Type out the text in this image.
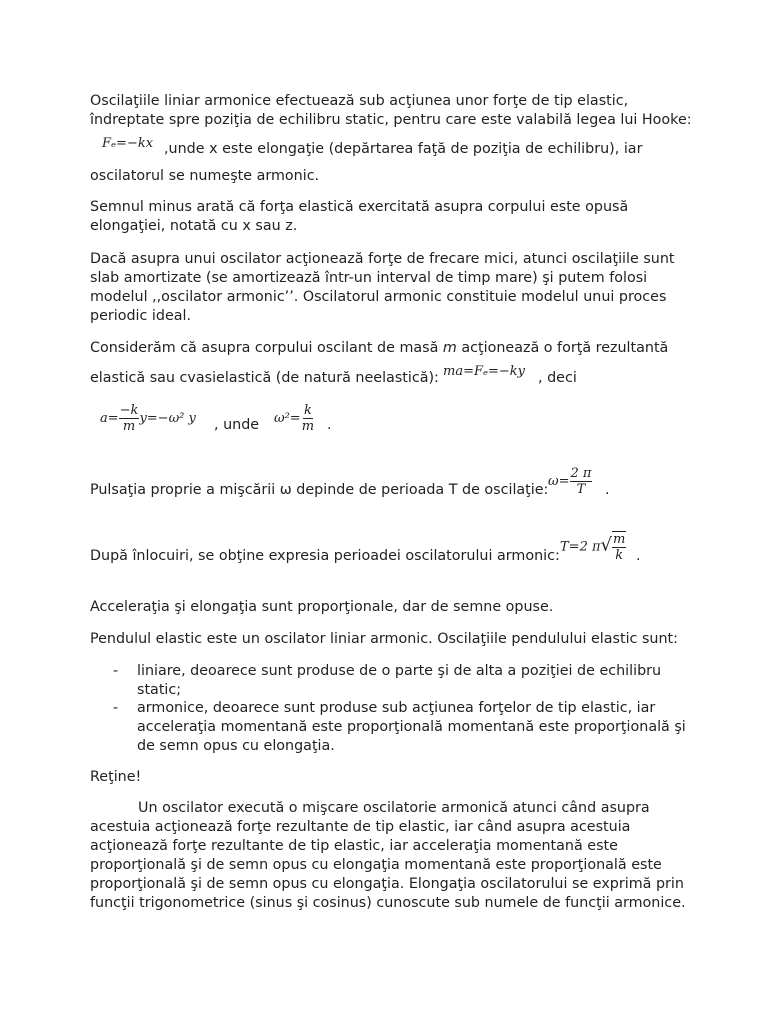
Oscilaţiile liniar armonice efectuează sub acţiunea unor forţe de tip elastic,
îndreptate spre poziţia de echilibru static, pentru care este valabilă legea lui Hooke:
Fₑ=−kx ,unde x este elongaţie (depărtarea faţă de poziţia de echilibru), iar
oscilatorul se numeşte armonic.
Semnul minus arată că forţa elastică exercitată asupra corpului este opusă
elongaţiei, notată cu x sau z.
Dacă asupra unui oscilator acţionează forţe de frecare mici, atunci oscilaţiile sunt
slab amortizate (se amortizează într-un interval de timp mare) şi putem folosi
modelul ,,oscilator armonic’’. Oscilatorul armonic constituie modelul unui proces
periodic ideal.
Considerăm că asupra corpului oscilant de masă m acţionează o forţă rezultantă
elastică sau cvasielastică (de natură neelastică): ma=Fₑ=−ky , deci
$a= \frac{-k}{m} y=-\omega^2$ y , unde $\omega^2= \frac{k}{m}$ .
Pulsaţia proprie a mişcării ω depinde de perioada T de oscilaţie:
$\omega= \frac{2 \pi}{T}$ .
După înlocuiri, se obţine expresia perioadei oscilatorului armonic:
T=2 $\pi√ \frac{m}{k}$ .
Acceleraţia şi elongaţia sunt proporţionale, dar de semne opuse.
Pendulul elastic este un oscilator liniar armonic. Oscilaţiile pendulului elastic sunt:
- liniare, deoarece sunt produse de o parte şi de alta a poziţiei de echilibru
static;
- armonice, deoarece sunt produse sub acţiunea forţelor de tip elastic, iar
acceleraţia momentană este proporţională momentană este proporţională şi
de semn opus cu elongaţia.
Reţine!
Un oscilator execută o mişcare oscilatorie armonică atunci când asupra
acestuia acţionează forţe rezultante de tip elastic, iar când asupra acestuia
acţionează forţe rezultante de tip elastic, iar acceleraţia momentană este
proporţională şi de semn opus cu elongaţia momentană este proporţională este
proporţională şi de semn opus cu elongaţia. Elongaţia oscilatorului se exprimă prin
funcţii trigonometrice (sinus şi cosinus) cunoscute sub numele de funcţii armonice.
